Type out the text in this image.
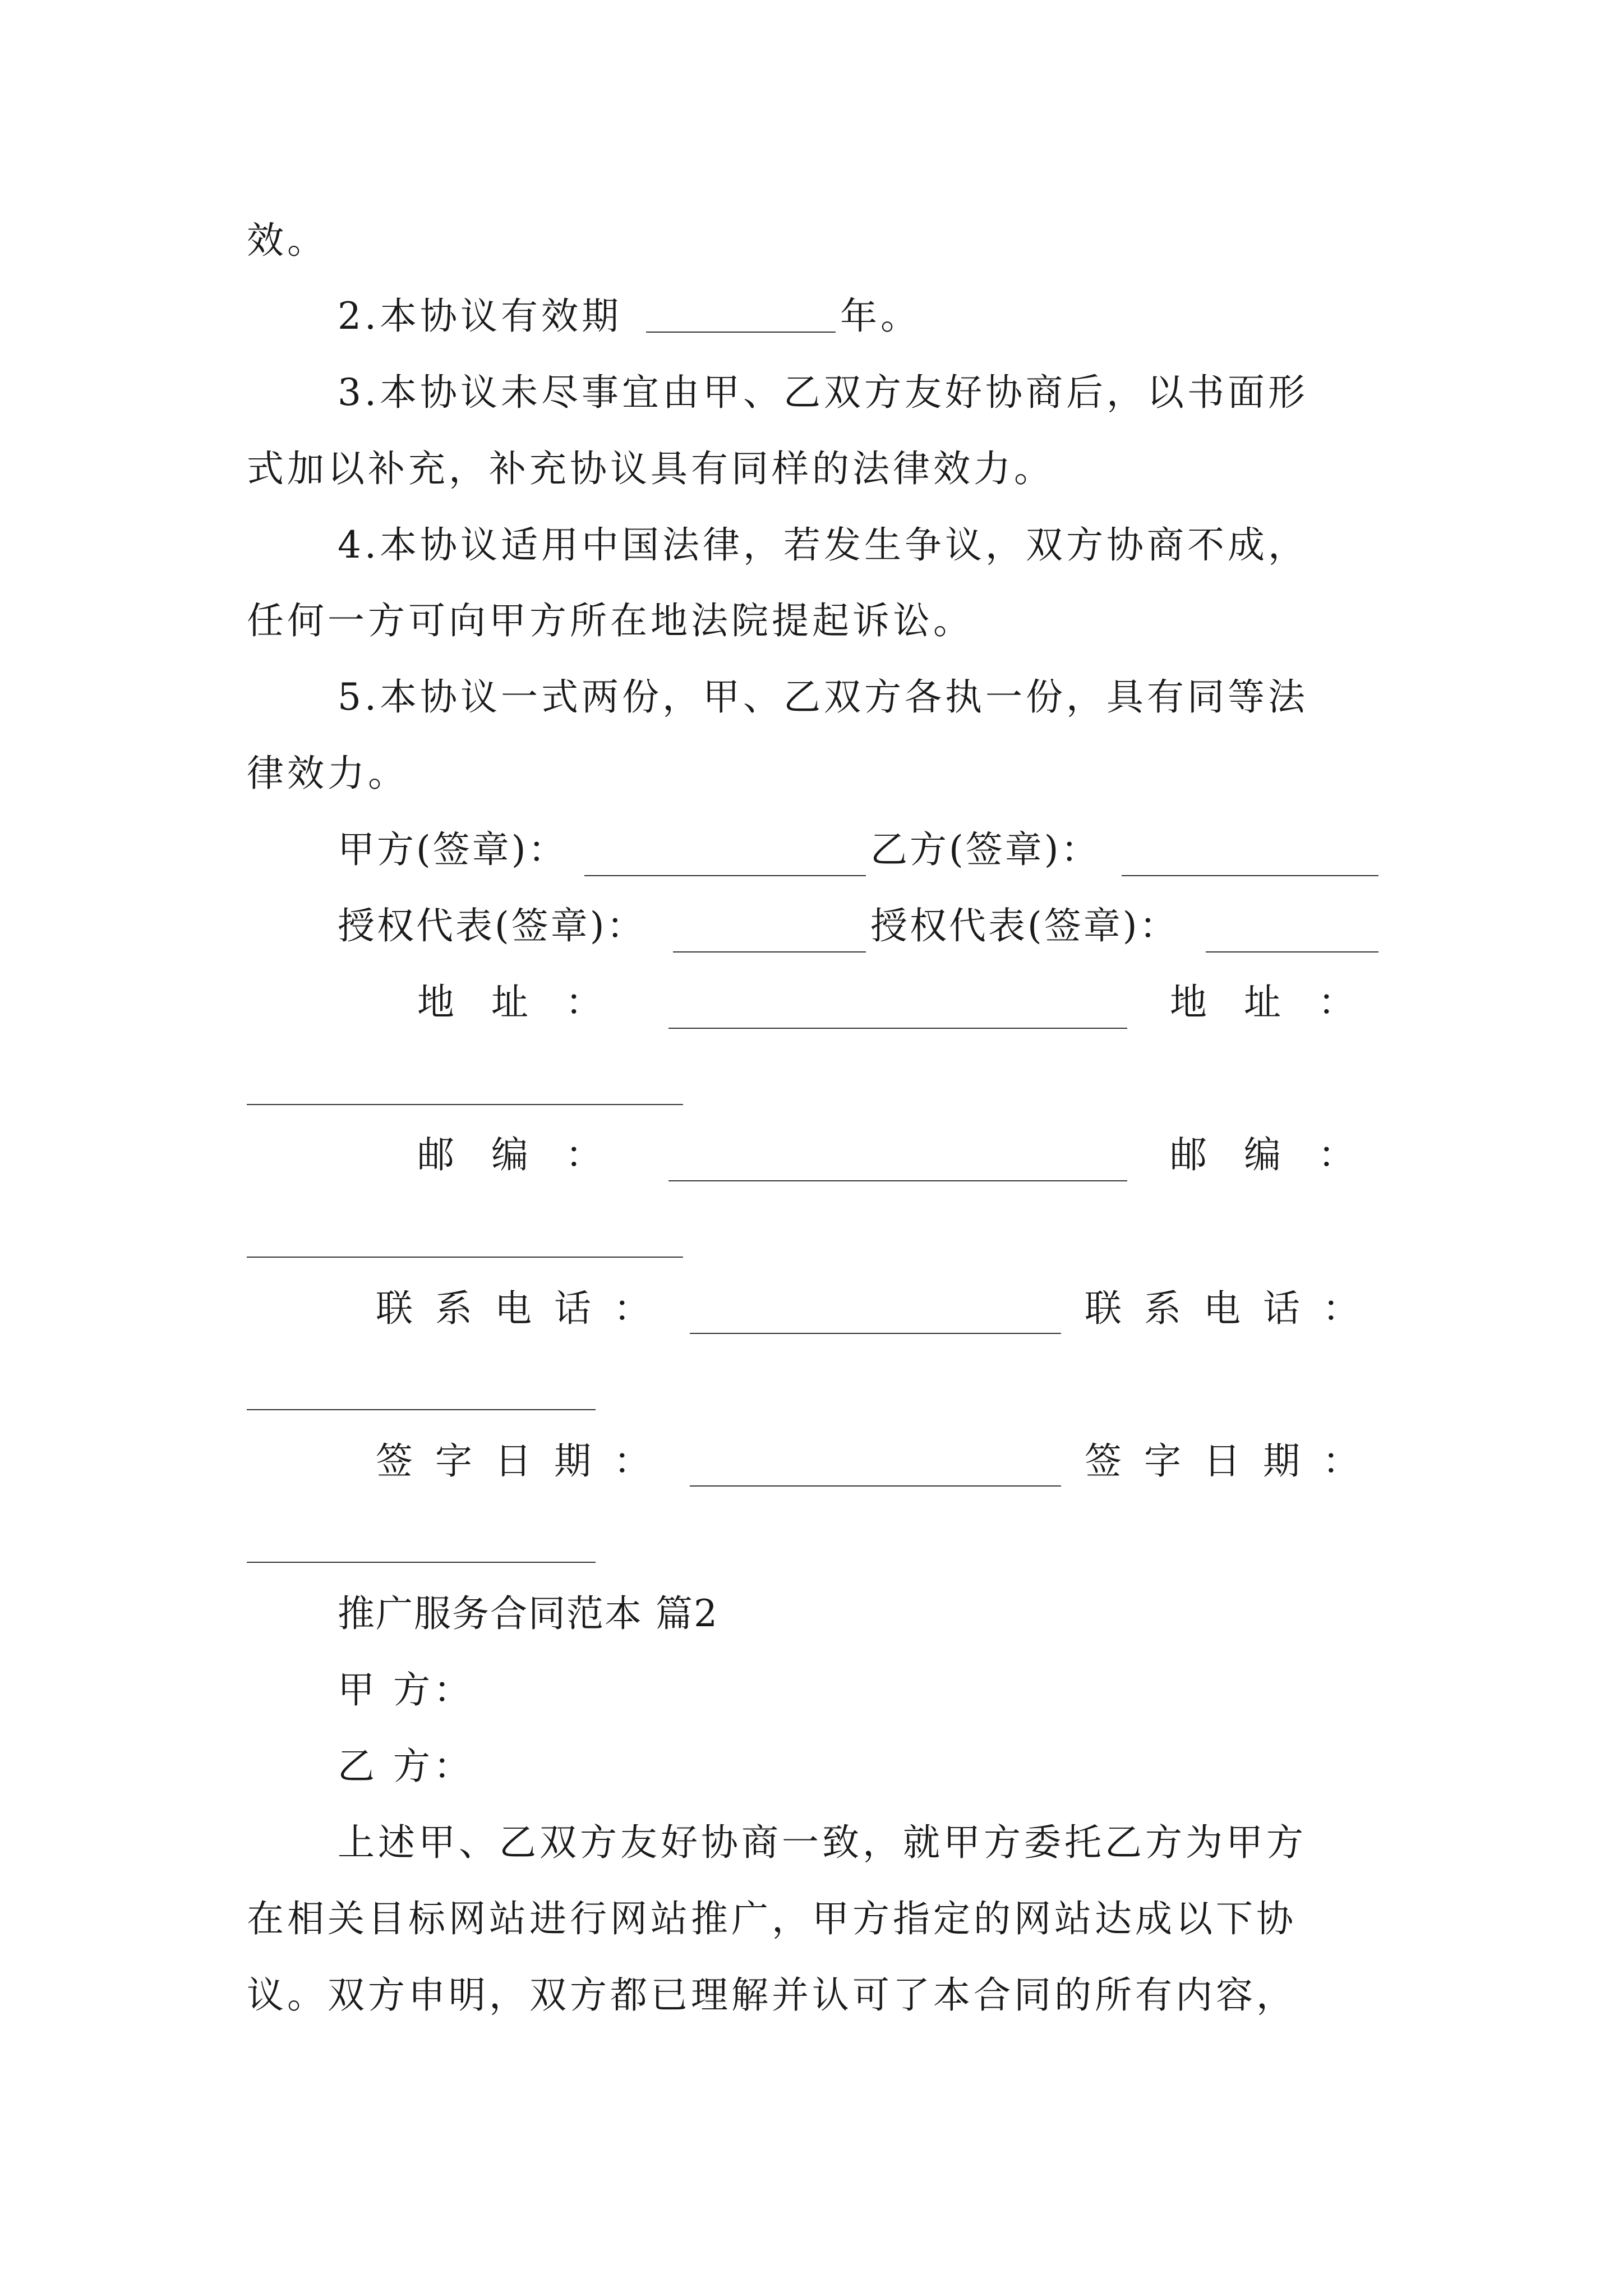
效。
2.本协议有效期	年。
3.本协议未尽事宜由甲、乙双方友好协商后，以书面形
式加以补充，补充协议具有同样的法律效力。
4.本协议适用中国法律，若发生争议，双方协商不成，
任何一方可向甲方所在地法院提起诉讼。
5.本协议一式两份，甲、乙双方各执一份，具有同等法
律效力。
甲方(签章)：	乙方(签章)：
授权代表(签章)：	授权代表(签章)：
地址：	地址：
邮编：	邮编：
联系电话：	联系电话：
签字日期：	签字日期：
推广服务合同范本 篇2
甲 方：
乙 方：
上述甲、乙双方友好协商一致，就甲方委托乙方为甲方
在相关目标网站进行网站推广，甲方指定的网站达成以下协
议。双方申明，双方都已理解并认可了本合同的所有内容，
